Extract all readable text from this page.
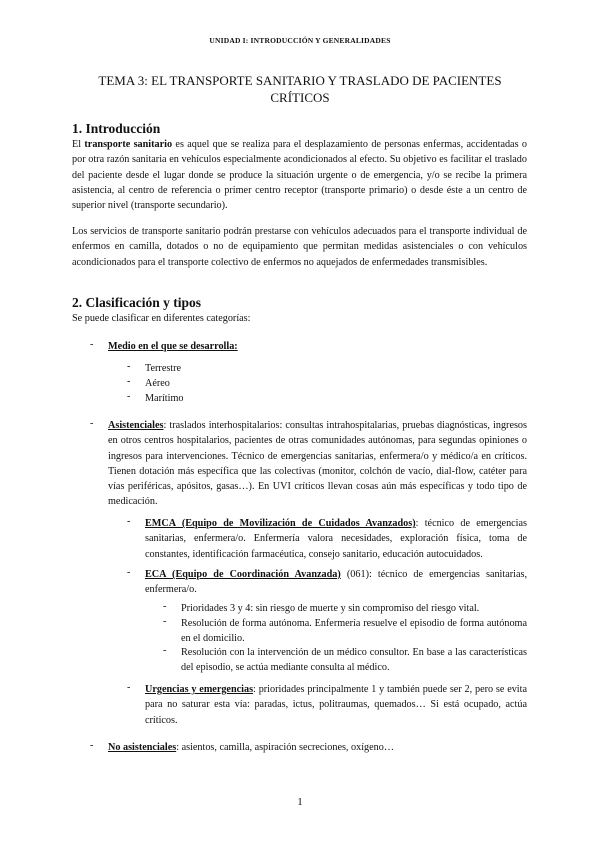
UNIDAD I: INTRODUCCIÓN Y GENERALIDADES
TEMA 3: EL TRANSPORTE SANITARIO Y TRASLADO DE PACIENTES
CRÍTICOS
1. Introducción
El transporte sanitario es aquel que se realiza para el desplazamiento de personas enfermas, accidentadas o por otra razón sanitaria en vehículos especialmente acondicionados al efecto. Su objetivo es facilitar el traslado del paciente desde el lugar donde se produce la situación urgente o de emergencia, y/o se recibe la primera asistencia, al centro de referencia o primer centro receptor (transporte primario) o desde éste a un centro de superior nivel (transporte secundario).
Los servicios de transporte sanitario podrán prestarse con vehículos adecuados para el transporte individual de enfermos en camilla, dotados o no de equipamiento que permitan medidas asistenciales o con vehículos acondicionados para el transporte colectivo de enfermos no aquejados de enfermedades transmisibles.
2. Clasificación y tipos
Se puede clasificar en diferentes categorías:
- Medio en el que se desarrolla:
- Terrestre
- Aéreo
- Marítimo
- Asistenciales: traslados interhospitalarios: consultas intrahospitalarias, pruebas diagnósticas, ingresos en otros centros hospitalarios, pacientes de otras comunidades autónomas, para segundas opiniones o ingresos para intervenciones. Técnico de emergencias sanitarias, enfermera/o y médico/a en críticos. Tienen dotación más específica que las colectivas (monitor, colchón de vacío, dial-flow, catéter para vías periféricas, apósitos, gasas…). En UVI críticos llevan cosas aún más específicas y todo tipo de medicación.
- EMCA (Equipo de Movilización de Cuidados Avanzados): técnico de emergencias sanitarias, enfermera/o. Enfermería valora necesidades, exploración física, toma de constantes, identificación farmacéutica, consejo sanitario, educación autocuidados.
- ECA (Equipo de Coordinación Avanzada) (061): técnico de emergencias sanitarias, enfermera/o.
- Prioridades 3 y 4: sin riesgo de muerte y sin compromiso del riesgo vital.
- Resolución de forma autónoma. Enfermería resuelve el episodio de forma autónoma en el domicilio.
- Resolución con la intervención de un médico consultor. En base a las características del episodio, se actúa mediante consulta al médico.
- Urgencias y emergencias: prioridades principalmente 1 y también puede ser 2, pero se evita para no saturar esta vía: paradas, ictus, politraumas, quemados… Si está ocupado, actúa críticos.
- No asistenciales: asientos, camilla, aspiración secreciones, oxígeno…
1
